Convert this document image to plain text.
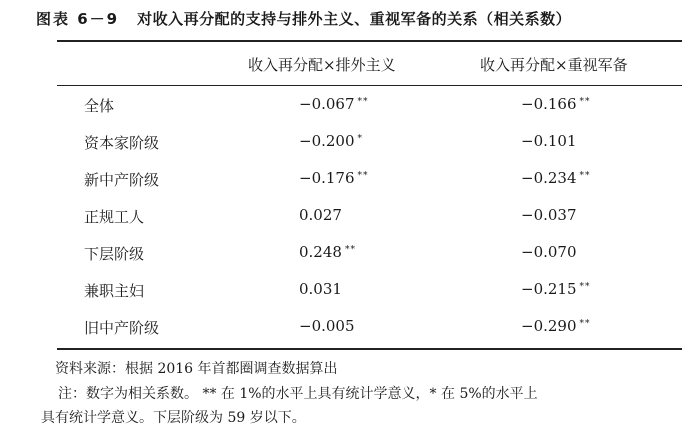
图表 6－9 对收入再分配的支持与排外主义、重视军备的关系（相关系数）
收入再分配×排外主义	收入再分配×重视军备
全体	−0.067 **	−0.166 **
资本家阶级	−0.200 *	−0.101
新中产阶级	−0.176 **	−0.234 **
正规工人	0.027	−0.037
下层阶级	0.248 **	−0.070
兼职主妇	0.031	−0.215 **
旧中产阶级	−0.005	−0.290 **
资料来源：根据 2016 年首都圈调查数据算出
注：数字为相关系数。 ** 在 1%的水平上具有统计学意义，* 在 5%的水平上
具有统计学意义。下层阶级为 59 岁以下。
